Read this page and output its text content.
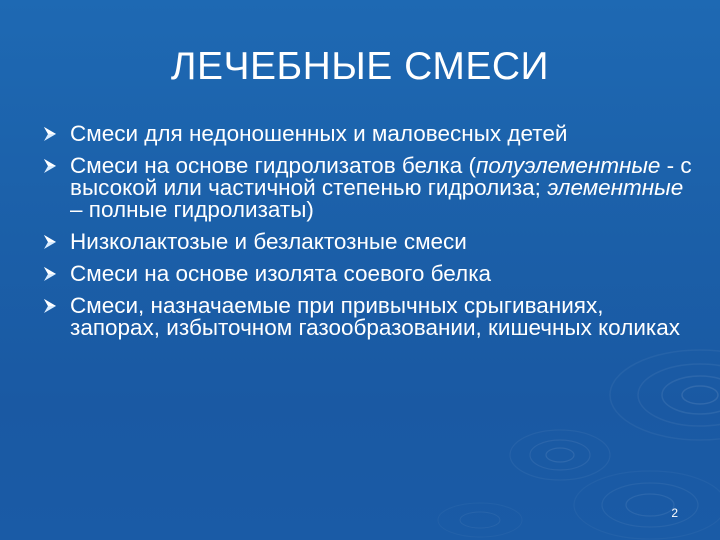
ЛЕЧЕБНЫЕ СМЕСИ
Смеси для недоношенных и маловесных детей
Смеси на основе гидролизатов белка (полуэлементные - с высокой или частичной степенью гидролиза; элементные – полные гидролизаты)
Низколактозые и безлактозные смеси
Смеси на основе изолята соевого белка
Смеси, назначаемые при привычных срыгиваниях, запорах, избыточном газообразовании, кишечных коликах
2
